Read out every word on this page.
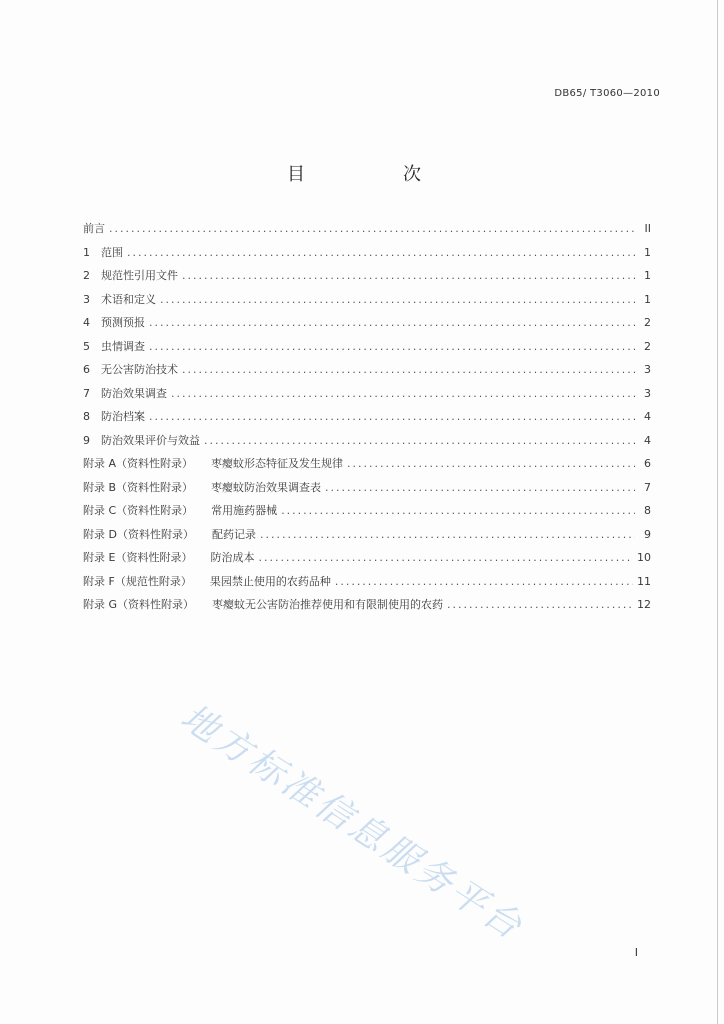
DB65/ T3060—2010
目　次
前言 .....	II
1	范围 .....	1
2	规范性引用文件 .....	1
3	术语和定义 .....	1
4	预测预报 .....	2
5	虫情调查 .....	2
6	无公害防治技术 .....	3
7	防治效果调查 .....	3
8	防治档案 .....	4
9	防治效果评价与效益 .....	4
附录 A（资料性附录） 枣瘿蚊形态特征及发生规律 .....	6
附录 B（资料性附录） 枣瘿蚊防治效果调查表 .....	7
附录 C（资料性附录） 常用施药器械 .....	8
附录 D（资料性附录） 配药记录 .....	9
附录 E（资料性附录） 防治成本 .....	10
附录 F（规范性附录） 果园禁止使用的农药品种 .....	11
附录 G（资料性附录） 枣瘿蚊无公害防治推荐使用和有限制使用的农药 .....	12
地方标准信息服务平台
I
